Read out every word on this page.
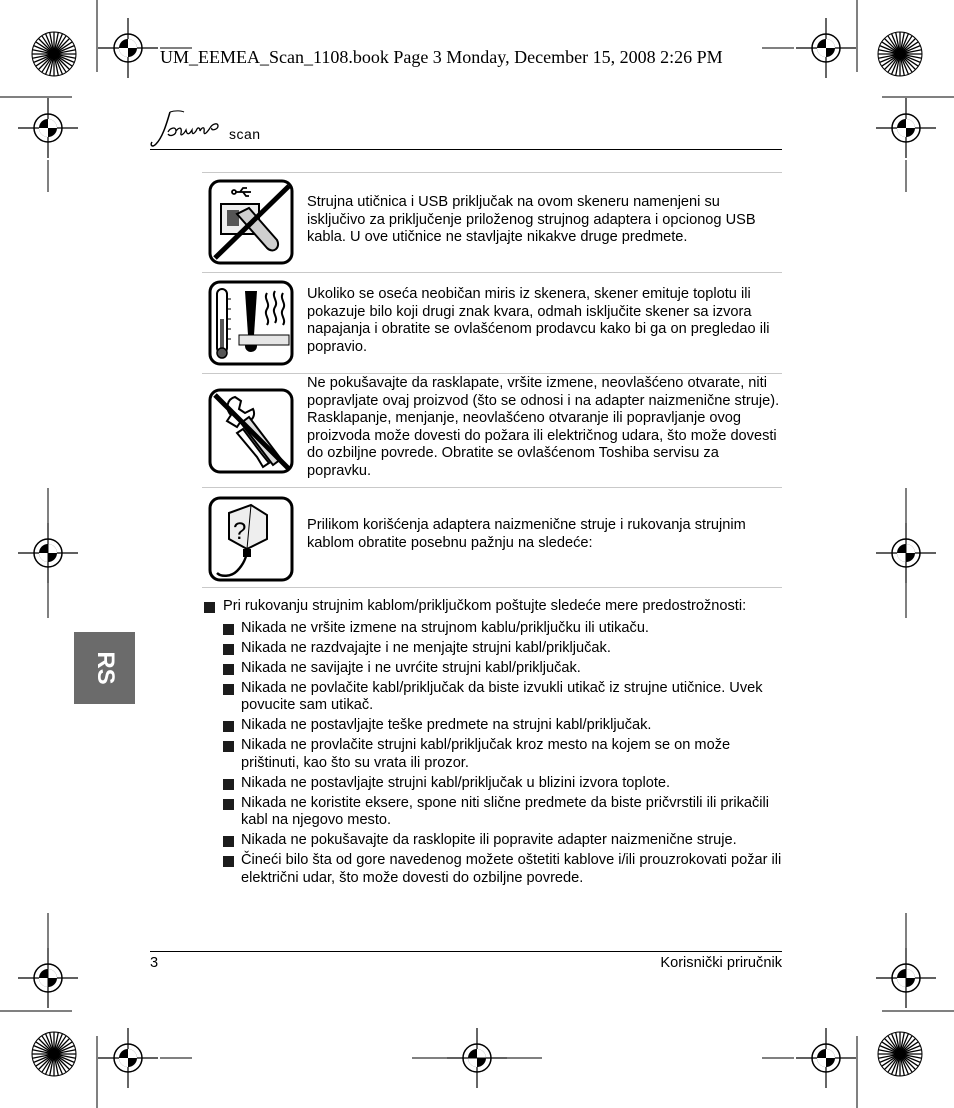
UM_EEMEA_Scan_1108.book Page 3 Monday, December 15, 2008 2:26 PM
scan
Strujna utičnica i USB priključak na ovom skeneru namenjeni su isključivo za priključenje priloženog strujnog adaptera i opcionog USB kabla. U ove utičnice ne stavljajte nikakve druge predmete.
Ukoliko se oseća neobičan miris iz skenera, skener emituje toplotu ili pokazuje bilo koji drugi znak kvara, odmah isključite skener sa izvora napajanja i obratite se ovlašćenom prodavcu kako bi ga on pregledao ili popravio.
Ne pokušavajte da rasklapate, vršite izmene, neovlašćeno otvarate, niti popravljate ovaj proizvod (što se odnosi i na adapter naizmenične struje). Rasklapanje, menjanje, neovlašćeno otvaranje ili popravljanje ovog proizvoda može dovesti do požara ili električnog udara, što može dovesti do ozbiljne povrede. Obratite se ovlašćenom Toshiba servisu za popravku.
?	Prilikom korišćenja adaptera naizmenične struje i rukovanja strujnim kablom obratite posebnu pažnju na sledeće:
Pri rukovanju strujnim kablom/priključkom poštujte sledeće mere predostrožnosti:
Nikada ne vršite izmene na strujnom kablu/priključku ili utikaču.
Nikada ne razdvajajte i ne menjajte strujni kabl/priključak.
Nikada ne savijajte i ne uvrćite strujni kabl/priključak.
Nikada ne povlačite kabl/priključak da biste izvukli utikač iz strujne utičnice. Uvek povucite sam utikač.
Nikada ne postavljajte teške predmete na strujni kabl/priključak.
Nikada ne provlačite strujni kabl/priključak kroz mesto na kojem se on može prištinuti, kao što su vrata ili prozor.
Nikada ne postavljajte strujni kabl/priključak u blizini izvora toplote.
Nikada ne koristite eksere, spone niti slične predmete da biste pričvrstili ili prikačili kabl na njegovo mesto.
Nikada ne pokušavajte da rasklopite ili popravite adapter naizmenične struje.
Čineći bilo šta od gore navedenog možete oštetiti kablove i/ili prouzrokovati požar ili električni udar, što može dovesti do ozbiljne povrede.
RS
3	Korisnički priručnik
